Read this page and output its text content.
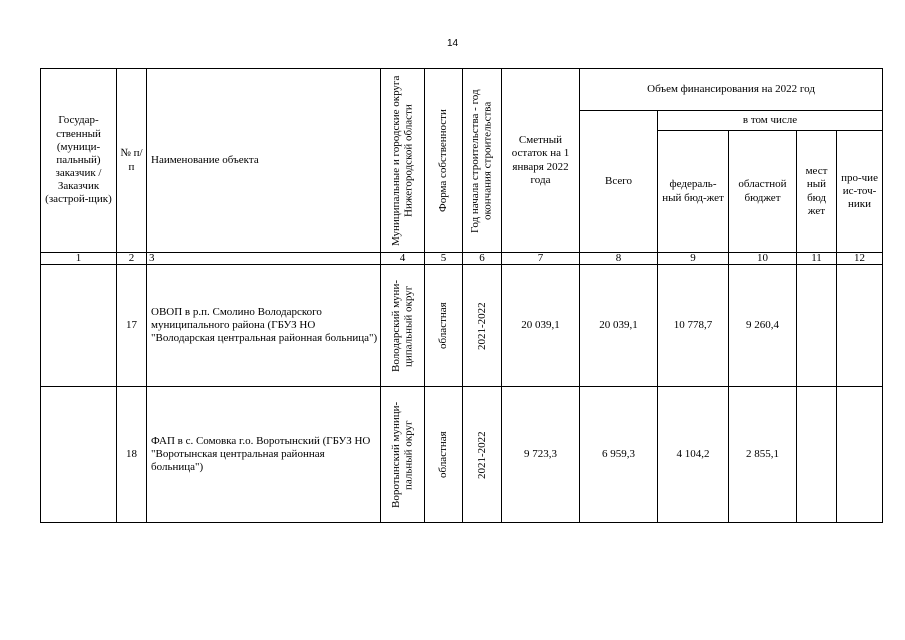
14
Государ-ственный (муници-пальный) заказчик / Заказчик (застрой-щик)	№ п/п	Наименование объекта	Муниципальные и городские округа Нижегородской области	Форма собственности	Год начала строительства - год окончания строительства	Сметный остаток на 1 января 2022 года	Объем финансирования на 2022 год				
							Всего	в том числе			
								федераль-ный бюд-жет	областной бюджет	мест ный бюд жет	про-чие ис-точ-ники
1	2	3	4	5	6	7	8	9	10	11	12
	17	ОВОП в р.п. Смолино Володарского муниципального района (ГБУЗ НО "Володарская центральная районная больница")	Володарский муни-ципальный округ	областная	2021-2022	20 039,1	20 039,1	10 778,7	9 260,4		
	18	ФАП в с. Сомовка г.о. Воротынский (ГБУЗ НО "Воротынская центральная районная больница")	Воротынский муници-пальный округ	областная	2021-2022	9 723,3	6 959,3	4 104,2	2 855,1		
